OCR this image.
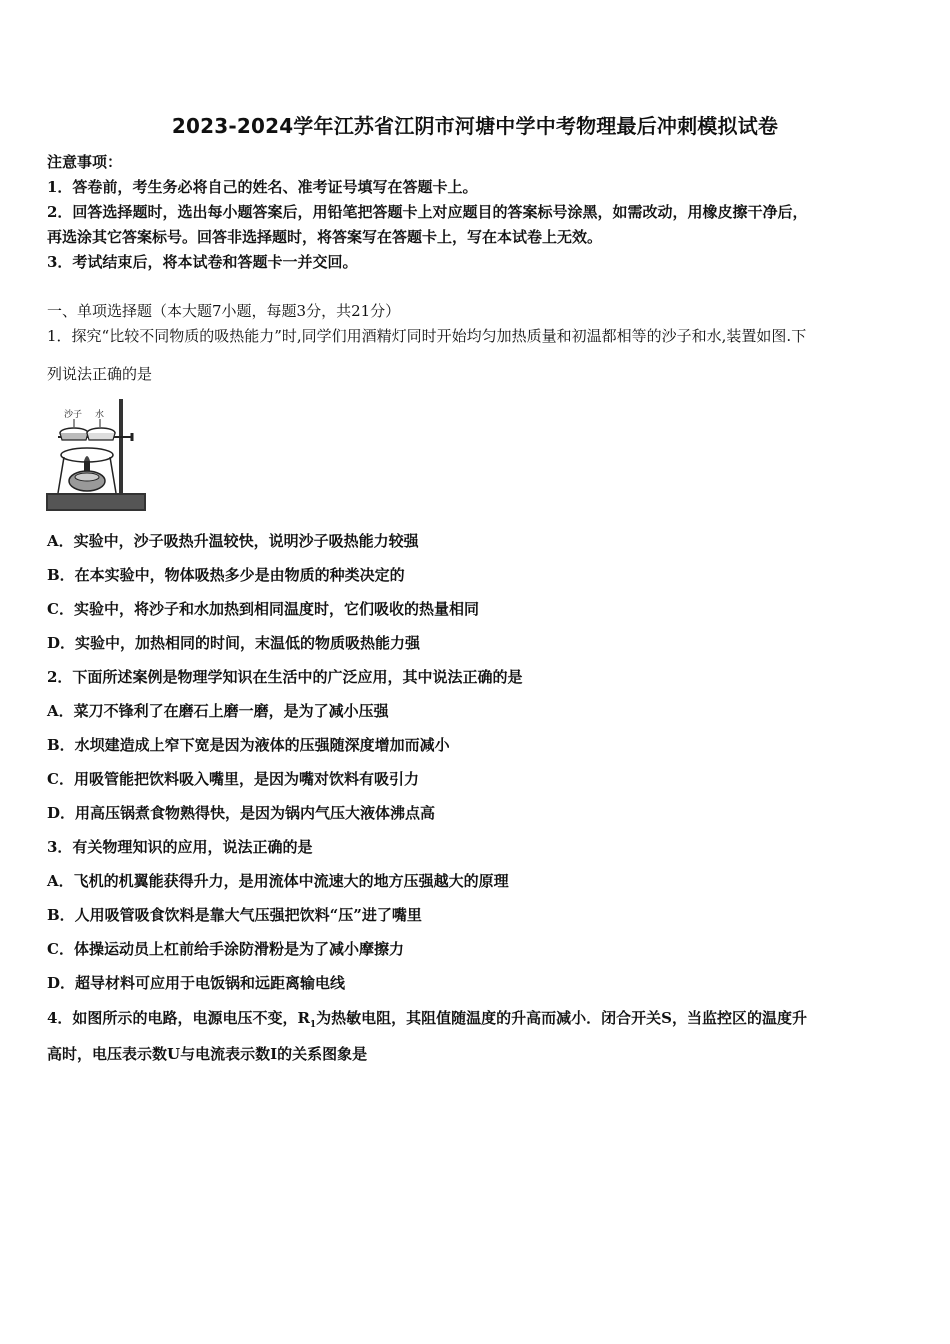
2023-2024学年江苏省江阴市河塘中学中考物理最后冲刺模拟试卷
注意事项：
1．答卷前，考生务必将自己的姓名、准考证号填写在答题卡上。
2．回答选择题时，选出每小题答案后，用铅笔把答题卡上对应题目的答案标号涂黑，如需改动，用橡皮擦干净后，
再选涂其它答案标号。回答非选择题时，将答案写在答题卡上，写在本试卷上无效。
3．考试结束后，将本试卷和答题卡一并交回。
一、单项选择题（本大题7小题，每题3分，共21分）
1．探究“比较不同物质的吸热能力”时,同学们用酒精灯同时开始均匀加热质量和初温都相等的沙子和水,装置如图.下
列说法正确的是
沙子 水
A．实验中，沙子吸热升温较快，说明沙子吸热能力较强
B．在本实验中，物体吸热多少是由物质的种类决定的
C．实验中，将沙子和水加热到相同温度时，它们吸收的热量相同
D．实验中，加热相同的时间，末温低的物质吸热能力强
2．下面所述案例是物理学知识在生活中的广泛应用，其中说法正确的是
A．菜刀不锋利了在磨石上磨一磨，是为了减小压强
B．水坝建造成上窄下宽是因为液体的压强随深度增加而减小
C．用吸管能把饮料吸入嘴里，是因为嘴对饮料有吸引力
D．用高压锅煮食物熟得快，是因为锅内气压大液体沸点高
3．有关物理知识的应用，说法正确的是
A．飞机的机翼能获得升力，是用流体中流速大的地方压强越大的原理
B．人用吸管吸食饮料是靠大气压强把饮料“压”进了嘴里
C．体操运动员上杠前给手涂防滑粉是为了减小摩擦力
D．超导材料可应用于电饭锅和远距离输电线
4．如图所示的电路，电源电压不变，$R_1$为热敏电阻，其阻值随温度的升高而减小．闭合开关S，当监控区的温度升
高时，电压表示数U与电流表示数I的关系图象是
